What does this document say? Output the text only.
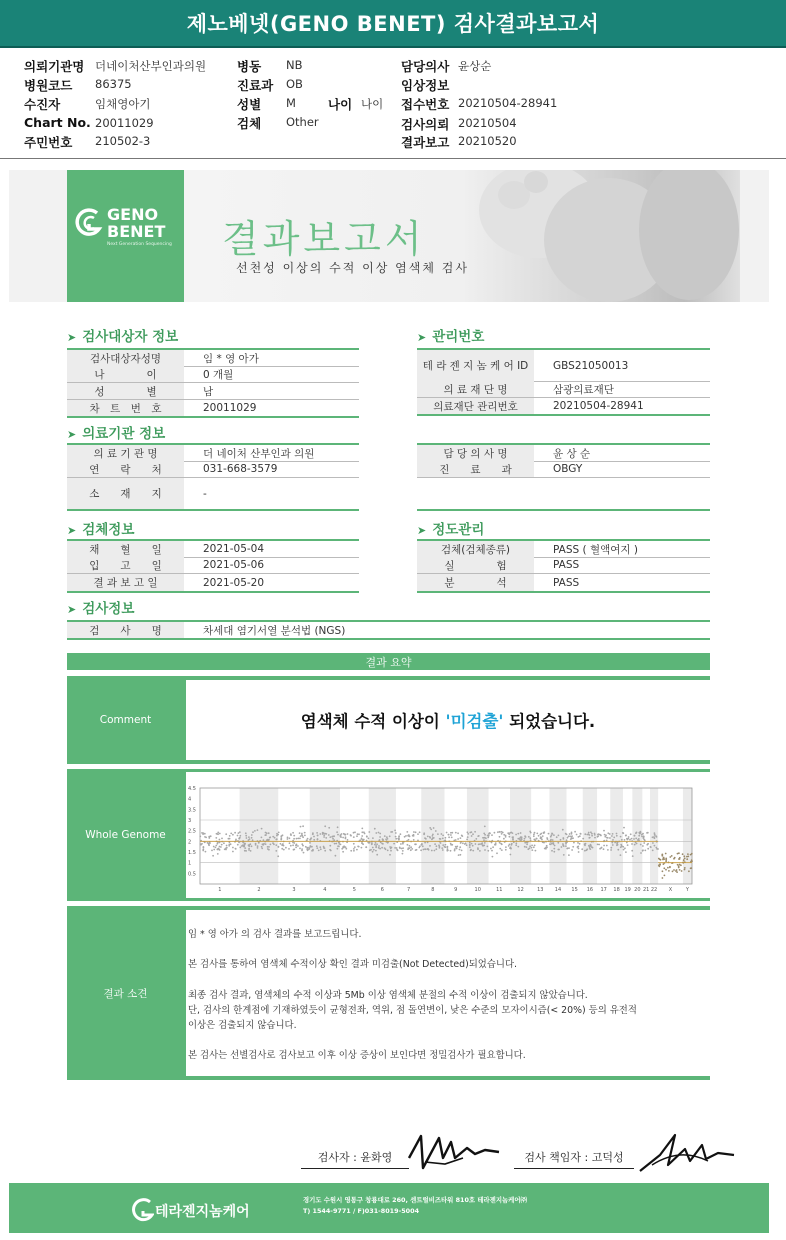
제노베넷(GENO BENET) 검사결과보고서
의뢰기관명 더네이처산부인과의원
병원코드 86375
수진자	임채영아기
Chart No. 20011029
주민번호 210502-3
병동 NB
진료과 OB
성별 M	나이 나이
검체 Other
담당의사 윤상순
임상정보
접수번호 20210504-28941
검사의뢰 20210504
결과보고 20210520
GENO
BENET
Next Generation Sequencing 결과보고서
선천성 이상의 수적 이상 염색체 검사
➤ 검사대상자 정보
검사대상자성명	임 * 영 아가
나　　　　이	0 개월
성　　　　별	남
차　트　번　호	20011029
➤ 관리번호
테 라 젠 지 놈 케 어 ID	GBS21050013
의 료 재 단 명	삼광의료재단
의료재단 관리번호	20210504-28941
➤ 의료기관 정보
의 료 기 관 명	더 네이처 산부인과 의원
연　　락　　처	031-668-3579
소　　재　　지	-
담 당 의 사 명	윤 상 순
진　　료　　과	OBGY
➤ 검체정보
채　　혈　　일	2021-05-04
입　　고　　일	2021-05-06
결 과 보 고 일	2021-05-20
➤ 정도관리
검체(검체종류)	PASS ( 혈액여지 )
실　　　　험	PASS
분　　　　석	PASS
➤ 검사정보
검　　사　　명	차세대 염기서열 분석법 (NGS)
결과 요약
Comment	염색체 수적 이상이 '미검출' 되었습니다.
Whole Genome
4.5
4
3.5
3
2.5
2
1.5
1
0.5
1	2	3	4	5	6	7	8	9	10	11	12	13 14 15 16 17 18 19 20 21 22 X	Y
결과 소견
임 * 영 아가 의 검사 결과를 보고드립니다.
본 검사를 통하여 염색체 수적이상 확인 결과 미검출(Not Detected)되었습니다.
최종 검사 결과, 염색체의 수적 이상과 5Mb 이상 염색체 분절의 수적 이상이 검출되지 않았습니다.
단, 검사의 한계점에 기재하였듯이 균형전좌, 역위, 점 돌연변이, 낮은 수준의 모자이시즘(< 20%) 등의 유전적
이상은 검출되지 않습니다.
본 검사는 선별검사로 검사보고 이후 이상 증상이 보인다면 정밀검사가 필요합니다.
검사자 : 윤화영	검사 책임자 : 고덕성
테라젠지놈케어
경기도 수원시 영통구 창룡대로 260, 센트럴비즈타워 810호 테라젠지놈케어㈜
T) 1544-9771 / F)031-8019-5004
